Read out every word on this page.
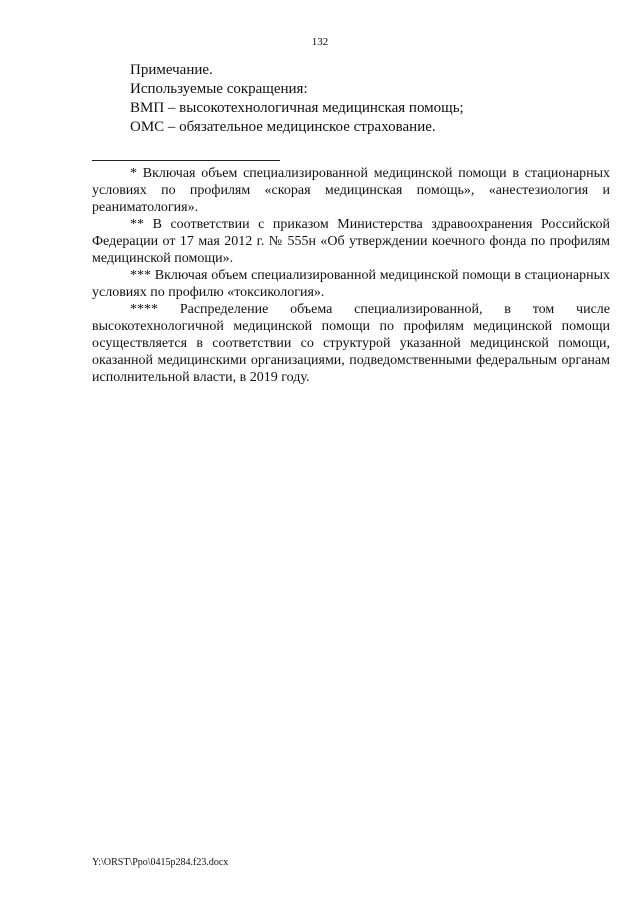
132
Примечание.
Используемые сокращения:
ВМП – высокотехнологичная медицинская помощь;
ОМС – обязательное медицинское страхование.

* Включая объем специализированной медицинской помощи в стационарных условиях по профилям «скорая медицинская помощь», «анестезиология и реаниматология».

** В соответствии с приказом Министерства здравоохранения Российской Федерации от 17 мая 2012 г. № 555н «Об утверждении коечного фонда по профилям медицинской помощи».

*** Включая объем специализированной медицинской помощи в стационарных условиях по профилю «токсикология».

**** Распределение объема специализированной, в том числе высокотехнологичной медицинской помощи по профилям медицинской помощи осуществляется в соответствии со структурой указанной медицинской помощи, оказанной медицинскими организациями, подведомственными федеральным органам исполнительной власти, в 2019 году.

Y:\ORST\Ppo\0415p284.f23.docx
